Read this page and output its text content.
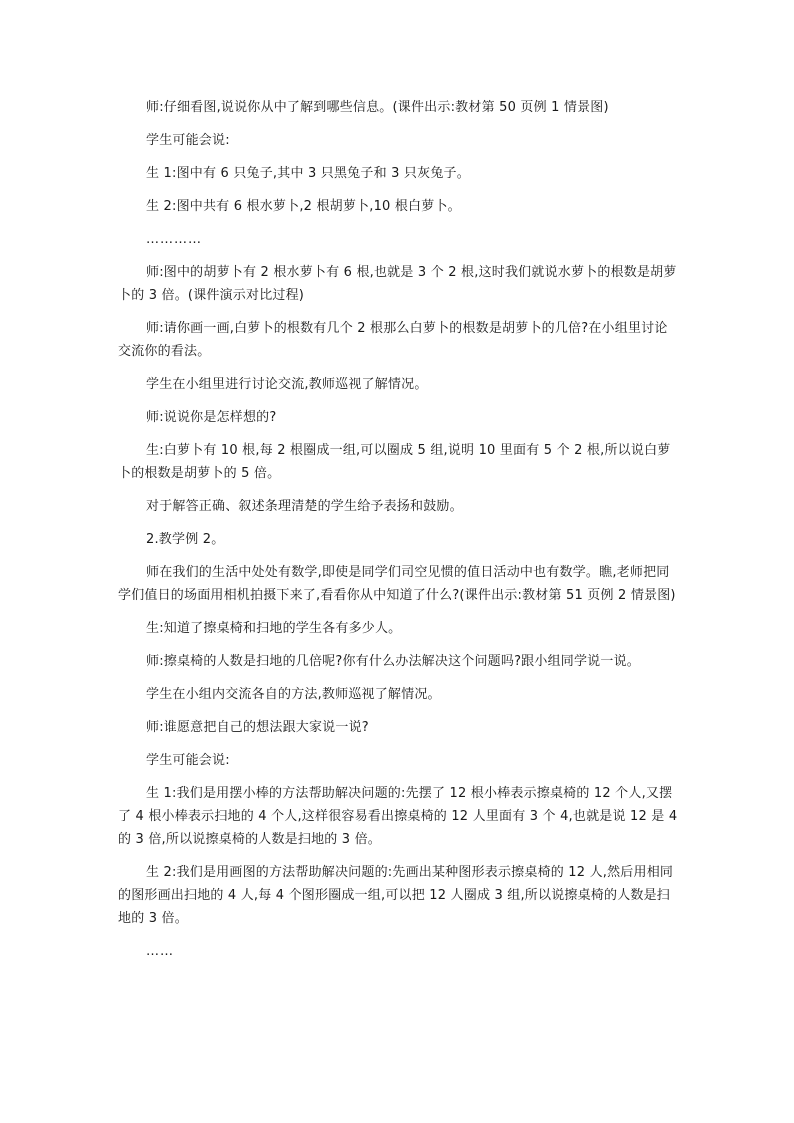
师:仔细看图,说说你从中了解到哪些信息。(课件出示:教材第 50 页例 1 情景图)

学生可能会说:

生 1:图中有 6 只兔子,其中 3 只黑兔子和 3 只灰兔子。

生 2:图中共有 6 根水萝卜,2 根胡萝卜,10 根白萝卜。

…………

师:图中的胡萝卜有 2 根水萝卜有 6 根,也就是 3 个 2 根,这时我们就说水萝卜的根数是胡萝卜的 3 倍。(课件演示对比过程)

师:请你画一画,白萝卜的根数有几个 2 根那么白萝卜的根数是胡萝卜的几倍?在小组里讨论交流你的看法。

学生在小组里进行讨论交流,教师巡视了解情况。

师:说说你是怎样想的?

生:白萝卜有 10 根,每 2 根圈成一组,可以圈成 5 组,说明 10 里面有 5 个 2 根,所以说白萝卜的根数是胡萝卜的 5 倍。

对于解答正确、叙述条理清楚的学生给予表扬和鼓励。

2.教学例 2。

师在我们的生活中处处有数学,即使是同学们司空见惯的值日活动中也有数学。瞧,老师把同学们值日的场面用相机拍摄下来了,看看你从中知道了什么?(课件出示:教材第 51 页例 2 情景图)

生:知道了擦桌椅和扫地的学生各有多少人。

师:擦桌椅的人数是扫地的几倍呢?你有什么办法解决这个问题吗?跟小组同学说一说。

学生在小组内交流各自的方法,教师巡视了解情况。

师:谁愿意把自己的想法跟大家说一说?

学生可能会说:

生 1:我们是用摆小棒的方法帮助解决问题的:先摆了 12 根小棒表示擦桌椅的 12 个人,又摆了 4 根小棒表示扫地的 4 个人,这样很容易看出擦桌椅的 12 人里面有 3 个 4,也就是说 12 是 4 的 3 倍,所以说擦桌椅的人数是扫地的 3 倍。

生 2:我们是用画图的方法帮助解决问题的:先画出某种图形表示擦桌椅的 12 人,然后用相同的图形画出扫地的 4 人,每 4 个图形圈成一组,可以把 12 人圈成 3 组,所以说擦桌椅的人数是扫地的 3 倍。

……
